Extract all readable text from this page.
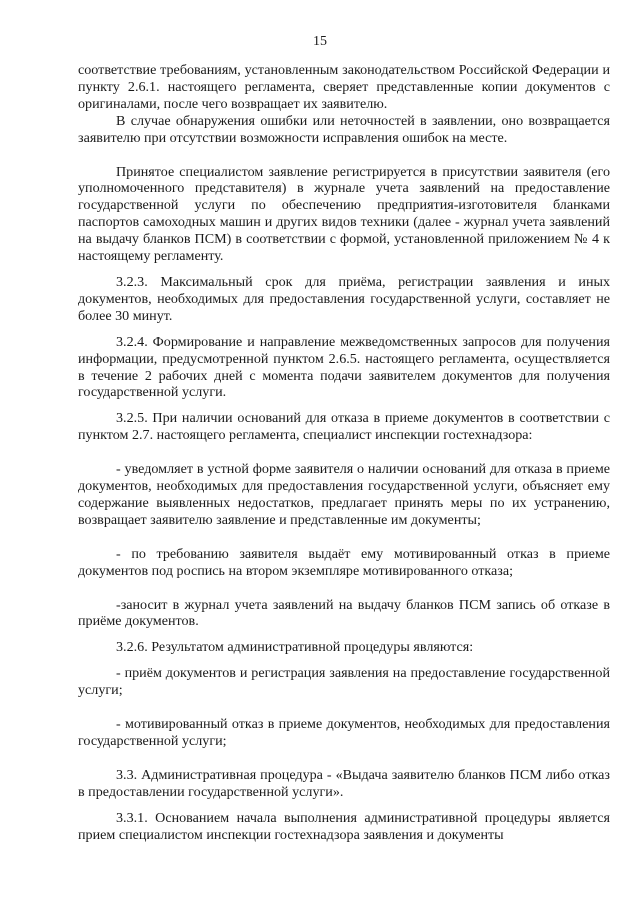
15

соответствие требованиям, установленным законодательством Российской Федерации и пункту 2.6.1. настоящего регламента, сверяет представленные копии документов с оригиналами, после чего возвращает их заявителю.

В случае обнаружения ошибки или неточностей в заявлении, оно возвращается заявителю при отсутствии возможности исправления ошибок на месте.

Принятое специалистом заявление регистрируется в присутствии заявителя (его уполномоченного представителя) в журнале учета заявлений на предоставление государственной услуги по обеспечению предприятия-изготовителя бланками паспортов самоходных машин и других видов техники (далее - журнал учета заявлений на выдачу бланков ПСМ) в соответствии с формой, установленной приложением № 4 к настоящему регламенту.

3.2.3. Максимальный срок для приёма, регистрации заявления и иных документов, необходимых для предоставления государственной услуги, составляет не более 30 минут.

3.2.4. Формирование и направление межведомственных запросов для получения информации, предусмотренной пунктом 2.6.5. настоящего регламента, осуществляется в течение 2 рабочих дней с момента подачи заявителем документов для получения государственной услуги.

3.2.5. При наличии оснований для отказа в приеме документов в соответствии с пунктом 2.7. настоящего регламента, специалист инспекции гостехнадзора:

- уведомляет в устной форме заявителя о наличии оснований для отказа в приеме документов, необходимых для предоставления государственной услуги, объясняет ему содержание выявленных недостатков, предлагает принять меры по их устранению, возвращает заявителю заявление и представленные им документы;

- по требованию заявителя выдаёт ему мотивированный отказ в приеме документов под роспись на втором экземпляре мотивированного отказа;

-заносит в журнал учета заявлений на выдачу бланков ПСМ запись об отказе в приёме документов.

3.2.6. Результатом административной процедуры являются:

- приём документов и регистрация заявления на предоставление государственной услуги;

- мотивированный отказ в приеме документов, необходимых для предоставления государственной услуги;

3.3. Административная процедура - «Выдача заявителю бланков ПСМ либо отказ в предоставлении государственной услуги».

3.3.1. Основанием начала выполнения административной процедуры является прием специалистом инспекции гостехнадзора заявления и документы
